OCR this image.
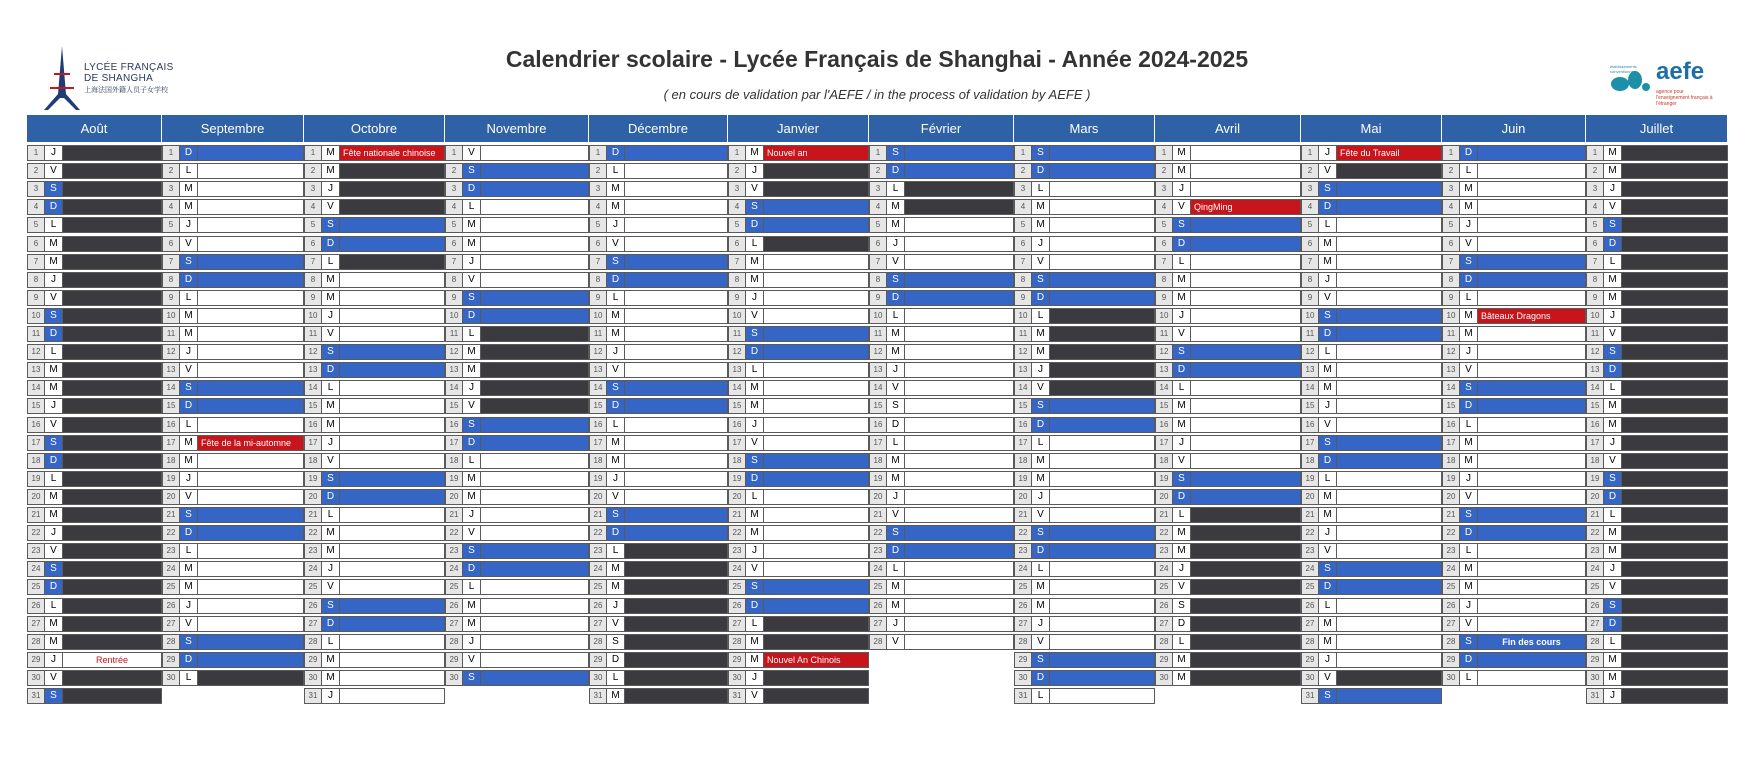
LYCÉE FRANÇAIS
DE SHANGHA
上海法国外籍人员子女学校
Calendrier scolaire - Lycée Français de Shanghai - Année 2024-2025
( en cours de validation par l'AEFE / in the process of validation by AEFE )
établissements conventionnés aefe
agence pour l'enseignement français à l'étranger
Août
1	J
2	V
3	S
4	D
5	L
6	M
7	M
8	J
9	V
10 S
11 D
12	L
13 M
14 M
15	J
16 V
17 S
18 D
19	L
20 M
21 M
22	J
23 V
24 S
25 D
26	L
27 M
28 M
29	J	Rentrée
30 V
31 S
Septembre
1	D
2	L
3	M
4	M
5	J
6	V
7	S
8	D
9	L
10 M
11 M
12	J
13 V
14 S
15 D
16	L
17 M Fête de la mi-automne
18 M
19	J
20 V
21 S
22 D
23	L
24 M
25 M
26	J
27 V
28 S
29 D
30	L
Octobre
1	M Fête nationale chinoise
2	M
3	J
4	V
5	S
6	D
7	L
8	M
9	M
10	J
11	V
12 S
13 D
14	L
15 M
16 M
17	J
18 V
19 S
20 D
21	L
22 M
23 M
24	J
25 V
26 S
27 D
28	L
29 M
30 M
31	J
Novembre
1	V
2	S
3	D
4	L
5	M
6	M
7	J
8	V
9	S
10 D
11	L
12 M
13 M
14	J
15 V
16 S
17 D
18	L
19 M
20 M
21	J
22 V
23 S
24 D
25	L
26 M
27 M
28	J
29 V
30 S
Décembre
1	D
2	L
3	M
4	M
5	J
6	V
7	S
8	D
9	L
10 M
11 M
12	J
13 V
14 S
15 D
16	L
17 M
18 M
19	J
20 V
21 S
22 D
23	L
24 M
25 M
26	J
27 V
28 S
29 D
30	L
31 M
Janvier
1	M Nouvel an
2	J
3	V
4	S
5	D
6	L
7	M
8	M
9	J
10 V
11	S
12 D
13	L
14 M
15 M
16	J
17 V
18 S
19 D
20	L
21 M
22 M
23	J
24 V
25 S
26 D
27	L
28 M
29 M Nouvel An Chinois
30	J
31 V
Février
1	S
2	D
3	L
4	M
5	M
6	J
7	V
8	S
9	D
10	L
11 M
12 M
13	J
14 V
15 S
16 D
17	L
18 M
19 M
20	J
21 V
22 S
23 D
24	L
25 M
26 M
27	J
28 V
Mars
1	S
2	D
3	L
4	M
5	M
6	J
7	V
8	S
9	D
10	L
11 M
12 M
13	J
14 V
15 S
16 D
17	L
18 M
19 M
20	J
21 V
22 S
23 D
24	L
25 M
26 M
27	J
28 V
29 S
30 D
31	L
Avril
1	M
2	M
3	J
4	V	QingMing
5	S
6	D
7	L
8	M
9	M
10	J
11	V
12 S
13 D
14	L
15 M
16 M
17	J
18 V
19 S
20 D
21	L
22 M
23 M
24	J
25 V
26 S
27 D
28	L
29 M
30 M
Mai
1	J	Fête du Travail
2	V
3	S
4	D
5	L
6	M
7	M
8	J
9	V
10 S
11 D
12	L
13 M
14 M
15	J
16 V
17 S
18 D
19	L
20 M
21 M
22	J
23 V
24 S
25 D
26	L
27 M
28 M
29	J
30 V
31 S
Juin
1	D
2	L
3	M
4	M
5	J
6	V
7	S
8	D
9	L
10 M Bâteaux Dragons
11 M
12	J
13 V
14 S
15 D
16	L
17 M
18 M
19	J
20 V
21 S
22 D
23	L
24 M
25 M
26	J
27 V
28 S	Fin des cours
29 D
30	L
Juillet
1	M
2	M
3	J
4	V
5	S
6	D
7	L
8	M
9	M
10	J
11	V
12 S
13 D
14	L
15 M
16 M
17	J
18 V
19 S
20 D
21	L
22 M
23 M
24	J
25 V
26 S
27 D
28	L
29 M
30 M
31	J
